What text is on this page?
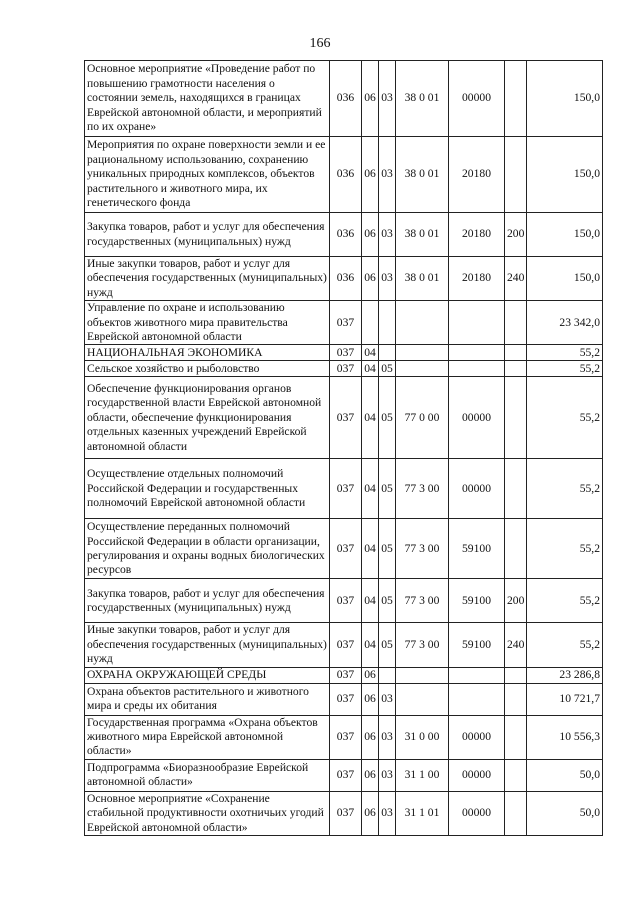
166
Основное мероприятие «Проведение работ по повышению грамотности населения о состоянии земель, находящихся в границах Еврейской автономной области, и мероприятий по их охране»	036	06	03	38 0 01	00000		150,0
Мероприятия по охране поверхности земли и ее рациональному использованию, сохранению уникальных природных комплексов, объектов растительного и животного мира, их генетического фонда	036	06	03	38 0 01	20180		150,0
Закупка товаров, работ и услуг для обеспечения государственных (муниципальных) нужд	036	06	03	38 0 01	20180	200	150,0
Иные закупки товаров, работ и услуг для обеспечения государственных (муниципальных) нужд	036	06	03	38 0 01	20180	240	150,0
Управление по охране и использованию объектов животного мира правительства Еврейской автономной области	037						23 342,0
НАЦИОНАЛЬНАЯ ЭКОНОМИКА	037	04					55,2
Сельское хозяйство и рыболовство	037	04	05				55,2
Обеспечение функционирования органов государственной власти Еврейской автономной области, обеспечение функционирования отдельных казенных учреждений Еврейской автономной области	037	04	05	77 0 00	00000		55,2
Осуществление отдельных полномочий Российской Федерации и государственных полномочий Еврейской автономной области	037	04	05	77 3 00	00000		55,2
Осуществление переданных полномочий Российской Федерации в области организации, регулирования и охраны водных биологических ресурсов	037	04	05	77 3 00	59100		55,2
Закупка товаров, работ и услуг для обеспечения государственных (муниципальных) нужд	037	04	05	77 3 00	59100	200	55,2
Иные закупки товаров, работ и услуг для обеспечения государственных (муниципальных) нужд	037	04	05	77 3 00	59100	240	55,2
ОХРАНА ОКРУЖАЮЩЕЙ СРЕДЫ	037	06					23 286,8
Охрана объектов растительного и животного мира и среды их обитания	037	06	03				10 721,7
Государственная программа «Охрана объектов животного мира Еврейской автономной области»	037	06	03	31 0 00	00000		10 556,3
Подпрограмма «Биоразнообразие Еврейской автономной области»	037	06	03	31 1 00	00000		50,0
Основное мероприятие «Сохранение стабильной продуктивности охотничьих угодий Еврейской автономной области»	037	06	03	31 1 01	00000		50,0
